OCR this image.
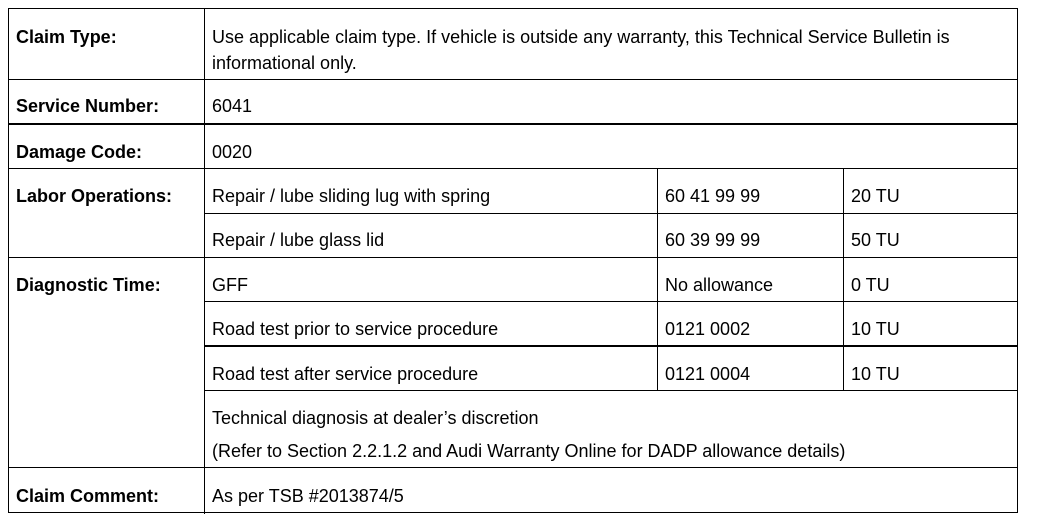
Claim Type:	Use applicable claim type. If vehicle is outside any warranty, this Technical Service Bulletin is informational only.
Service Number:	6041
Damage Code:	0020
Labor Operations: Repair / lube sliding lug with spring	60 41 99 99	20 TU
Repair / lube glass lid	60 39 99 99	50 TU
Diagnostic Time:	GFF	No allowance	0 TU
Road test prior to service procedure	0121 0002	10 TU
Road test after service procedure	0121 0004	10 TU
Technical diagnosis at dealer’s discretion
(Refer to Section 2.2.1.2 and Audi Warranty Online for DADP allowance details)
Claim Comment:	As per TSB #2013874/5
